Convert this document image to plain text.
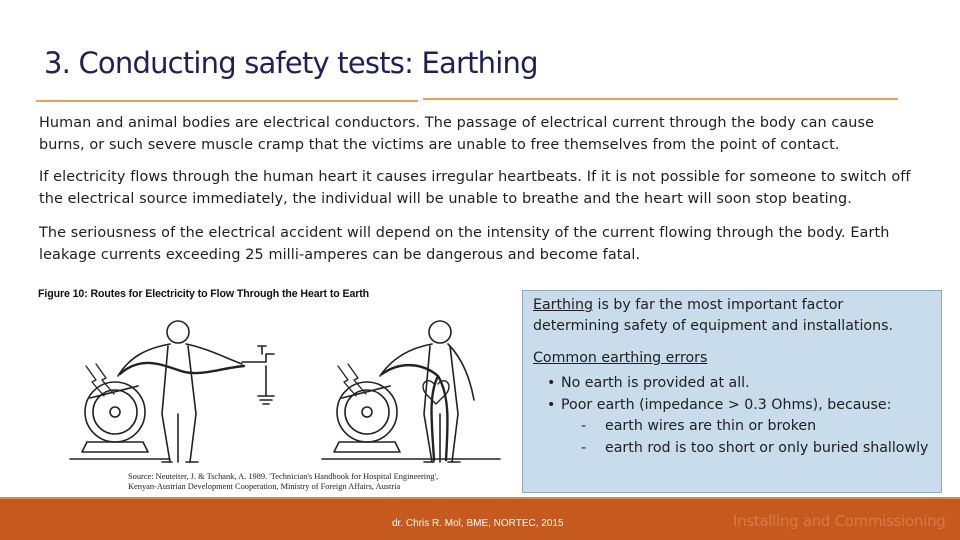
3. Conducting safety tests: Earthing
Human and animal bodies are electrical conductors. The passage of electrical current through the body can cause burns, or such severe muscle cramp that the victims are unable to free themselves from the point of contact.
If electricity flows through the human heart it causes irregular heartbeats. If it is not possible for someone to switch off the electrical source immediately, the individual will be unable to breathe and the heart will soon stop beating.
The seriousness of the electrical accident will depend on the intensity of the current flowing through the body. Earth leakage currents exceeding 25 milli-amperes can be dangerous and become fatal.
Figure 10: Routes for Electricity to Flow Through the Heart to Earth
Source: Neuteiter, J. & Tschank, A. 1989. 'Technician's Handbook for Hospital Engineering',
Kenyan-Austrian Development Cooperation, Ministry of Foreign Affairs, Austria
Earthing is by far the most important factor determining safety of equipment and installations.
Common earthing errors
• No earth is provided at all.
• Poor earth (impedance > 0.3 Ohms), because:
- earth wires are thin or broken
- earth rod is too short or only buried shallowly
dr. Chris R. Mol, BME, NORTEC, 2015	Installing and Commissioning
